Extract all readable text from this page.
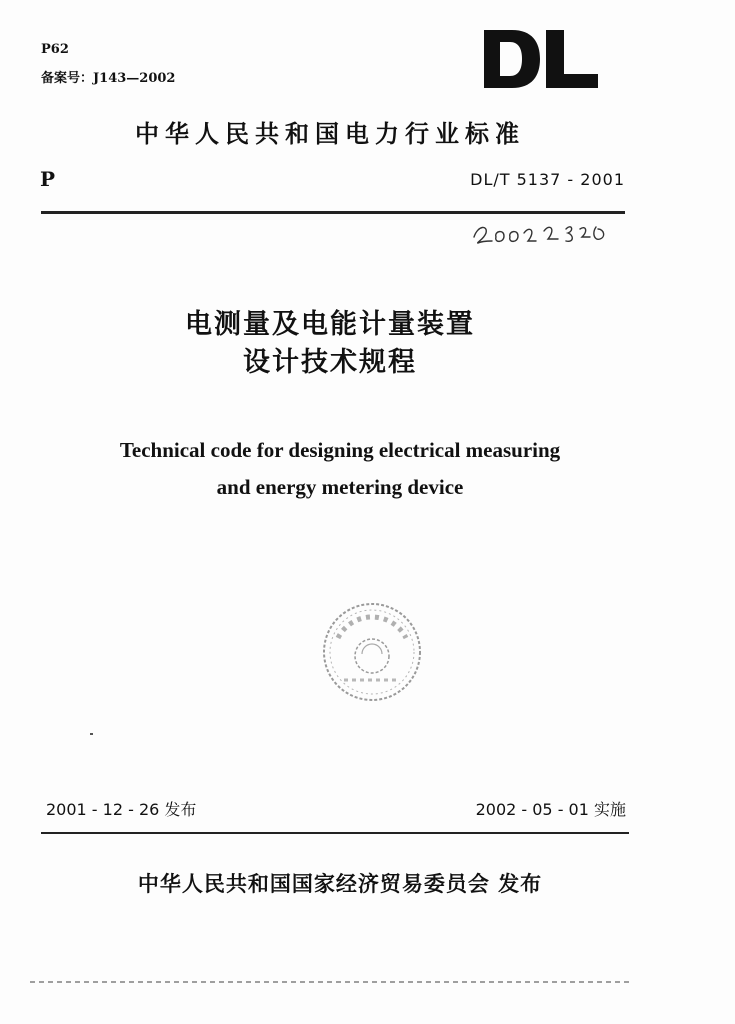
P62
备案号：J143—2002
中华人民共和国电力行业标准
P	DL/T 5137 - 2001
电测量及电能计量装置
设计技术规程
Technical code for designing electrical measuring
and energy metering device
2001 - 12 - 26 发布	2002 - 05 - 01 实施
中华人民共和国国家经济贸易委员会 发布
